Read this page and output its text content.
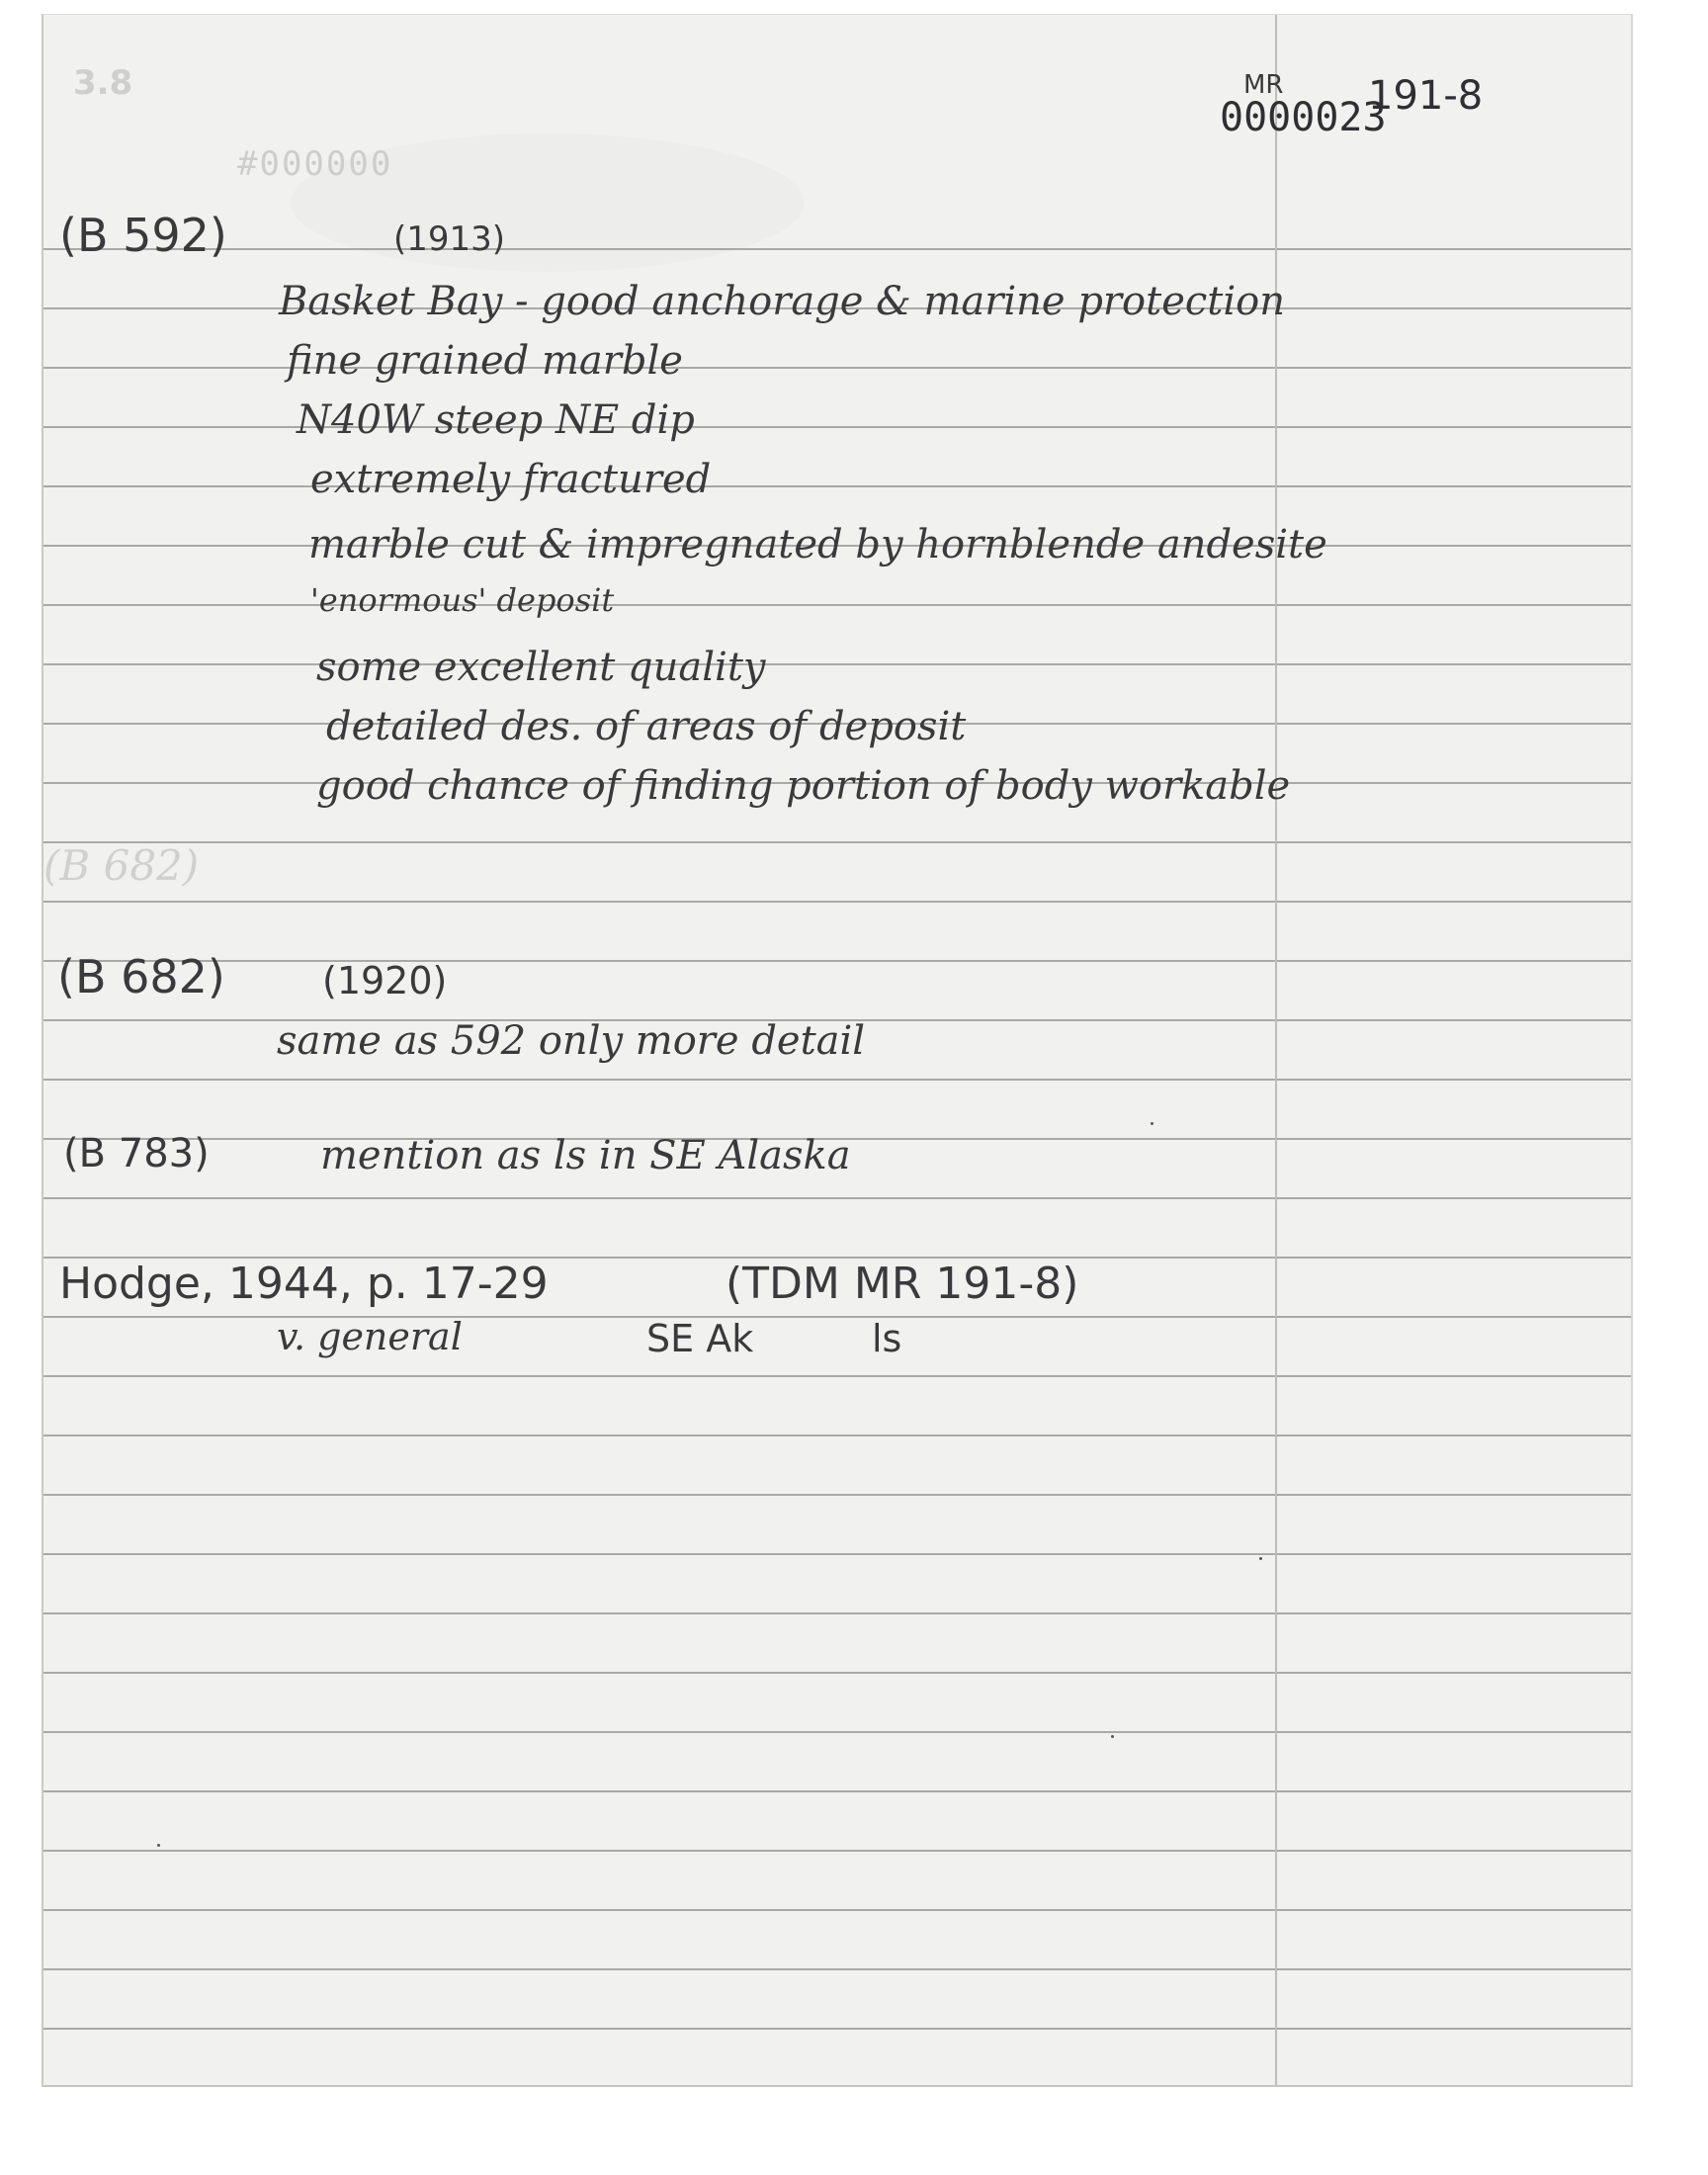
3.8
#000000
(B 682)
MR
0000023
191-8
(B 592)	(1913)
Basket Bay - good anchorage & marine protection
fine grained marble
N40W steep NE dip
extremely fractured
marble cut & impregnated by hornblende andesite
'enormous' deposit
some excellent quality
detailed des. of areas of deposit
good chance of finding portion of body workable
(B 682)	(1920)
same as 592 only more detail
(B 783)	mention as ls in SE Alaska
Hodge, 1944, p. 17-29	(TDM MR 191-8)
v. general	SE Ak	ls
